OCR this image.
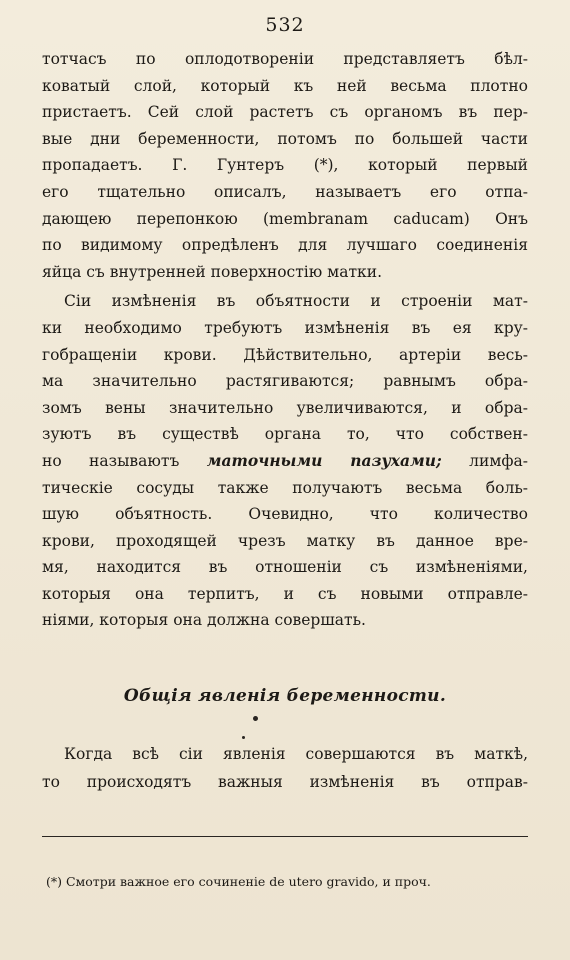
532
тотчасъ по оплодотвореніи представляетъ бѣл-
коватый слой, который къ ней весьма плотно
пристаетъ. Сей слой растетъ съ органомъ въ пер-
вые дни беременности, потомъ по большей части
пропадаетъ. Г. Гунтеръ (*), который первый
его тщательно описалъ, называетъ его отпа-
дающею перепонкою (membranam caducam) Онъ
по видимому опредѣленъ для лучшаго соединенія
яйца съ внутренней поверхностію матки.
Сіи измѣненія въ объятности и строеніи мат-
ки необходимо требуютъ измѣненія въ ея кру-
гобращеніи крови. Дѣйствительно, артеріи весь-
ма значительно растягиваются; равнымъ обра-
зомъ вены значительно увеличиваются, и обра-
зуютъ въ существѣ органа то, что собствен-
но называютъ маточными пазухами; лимфа-
тическіе сосуды также получаютъ весьма боль-
шую объятность. Очевидно, что количество
крови, проходящей чрезъ матку въ данное вре-
мя, находится въ отношеніи съ измѣненіями,
которыя она терпитъ, и съ новыми отправле-
ніями, которыя она должна совершать.
Общія явленія беременности.
Когда всѣ сіи явленія совершаются въ маткѣ,
то происходятъ важныя измѣненія въ отправ-
(*) Смотри важное его сочиненіе de utero gravido, и проч.
